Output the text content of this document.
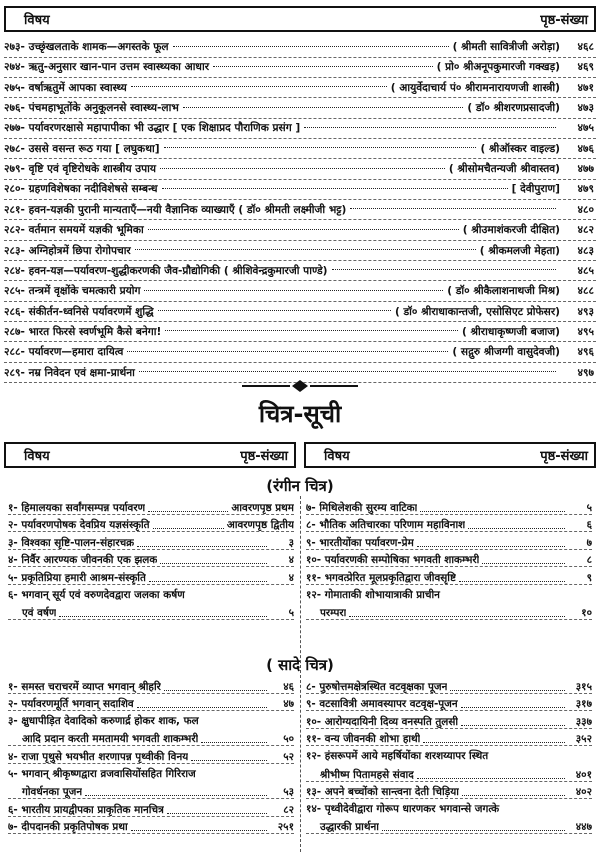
विषय	पृष्ठ-संख्या
२७३- उच्छृंखलताके शामक—अगस्तके फूल	( श्रीमती सावित्रीजी अरोड़ा)	४६८
२७४- ऋतु-अनुसार खान-पान उत्तम स्वास्थ्यका आधार	( प्रो० श्रीअनूपकुमारजी गक्खड़)	४६९
२७५- वर्षाऋतुमें आपका स्वास्थ्य	( आयुर्वेदाचार्य पं० श्रीरामनारायणजी शास्त्री)	४७१
२७६- पंचमहाभूतोंके अनुकूलनसे स्वास्थ्य-लाभ	( डॉ० श्रीशरणप्रसादजी)	४७३
२७७- पर्यावरणरक्षासे महापापीका भी उद्धार [ एक शिक्षाप्रद पौराणिक प्रसंग ]	४७५
२७८- उससे वसन्त रूठ गया [ लघुकथा]	( श्रीऑस्कर वाइल्ड)	४७६
२७९- वृष्टि एवं वृष्टिरोधके शास्त्रीय उपाय	( श्रीसोमचैतन्यजी श्रीवास्तव)	४७७
२८०- ग्रहणविशेषका नदीविशेषसे सम्बन्ध	[ देवीपुराण]	४७९
२८१- हवन-यज्ञकी पुरानी मान्यताएँ—नयी वैज्ञानिक व्याख्याएँ ( डॉ० श्रीमती लक्ष्मीजी भट्ट)	४८०
२८२- वर्तमान समयमें यज्ञकी भूमिका	( श्रीउमाशंकरजी दीक्षित)	४८२
२८३- अग्निहोत्रमें छिपा रोगोपचार	( श्रीकमलजी मेहता)	४८३
२८४- हवन-यज्ञ—पर्यावरण-शुद्धीकरणकी जैव-प्रौद्योगिकी ( श्रीशिवेन्द्रकुमारजी पाण्डे)	४८५
२८५- तन्त्रमें वृक्षोंके चमत्कारी प्रयोग	( डॉ० श्रीकैलाशनाथजी मिश्र)	४८८
२८६- संकीर्तन-ध्वनिसे पर्यावरणमें शुद्धि	( डॉ० श्रीराधाकान्तजी, एसोसिएट प्रोफेसर)	४९३
२८७- भारत फिरसे स्वर्णभूमि कैसे बनेगा!	( श्रीराधाकृष्णजी बजाज)	४९५
२८८- पर्यावरण—हमारा दायित्व	( सद्गुरु श्रीजग्गी वासुदेवजी)	४९६
२८९- नम्र निवेदन एवं क्षमा-प्रार्थना	४९७
चित्र-सूची
विषय	पृष्ठ-संख्या	विषय	पृष्ठ-संख्या
(रंगीन चित्र)
( सादे चित्र)
१- हिमालयका सर्वांगसम्पन्न पर्यावरण	आवरणपृष्ठ प्रथम
२- पर्यावरणपोषक देवप्रिय यज्ञसंस्कृति	आवरणपृष्ठ द्वितीय
३- विश्वका सृष्टि-पालन-संहारचक्र	३
४- निर्वैर आरण्यक जीवनकी एक झलक	४
५- प्रकृतिप्रिया हमारी आश्रम-संस्कृति	४
६- भगवान् सूर्य एवं वरुणदेवद्वारा जलका कर्षण
एवं वर्षण	५
७- मिथिलेशकी सुरम्य वाटिका	५
८- भौतिक अतिचारका परिणाम महाविनाश	६
९- भारतीयोंका पर्यावरण-प्रेम	७
१०- पर्यावरणकी सम्पोषिका भगवती शाकम्भरी	८
११- भगवत्प्रेरित मूलप्रकृतिद्वारा जीवसृष्टि	९
१२- गोमाताकी शोभायात्राकी प्राचीन
परम्परा	१०
१- समस्त चराचरमें व्याप्त भगवान् श्रीहरि	४६
२- पर्यावरणमूर्ति भगवान् सदाशिव	४७
३- क्षुधापीड़ित देवादिको करुणार्द्र होकर शाक, फल
आदि प्रदान करती ममतामयी भगवती शाकम्भरी	५०
४- राजा पृथुसे भयभीत शरणापन्न पृथ्वीकी विनय	५२
५- भगवान् श्रीकृष्णद्वारा व्रजवासियोंसहित गिरिराज
गोवर्धनका पूजन	५३
६- भारतीय प्रायद्वीपका प्राकृतिक मानचित्र	८२
७- दीपदानकी प्रकृतिपोषक प्रथा	२५१
८- पुरुषोत्तमक्षेत्रस्थित वटवृक्षका पूजन	३१५
९- वटसावित्री अमावस्यापर वटवृक्ष-पूजन	३१७
१०- आरोग्यदायिनी दिव्य वनस्पति तुलसी	३३७
११- वन्य जीवनकी शोभा हाथी	३५२
१२- हंसरूपमें आये महर्षियोंका शरशय्यापर स्थित
श्रीभीष्म पितामहसे संवाद	४०१
१३- अपने बच्चोंको सान्त्वना देती चिड़िया	४०२
१४- पृथ्वीदेवीद्वारा गोरूप धारणकर भगवान्से जगत्के
उद्धारकी प्रार्थना	४४७
